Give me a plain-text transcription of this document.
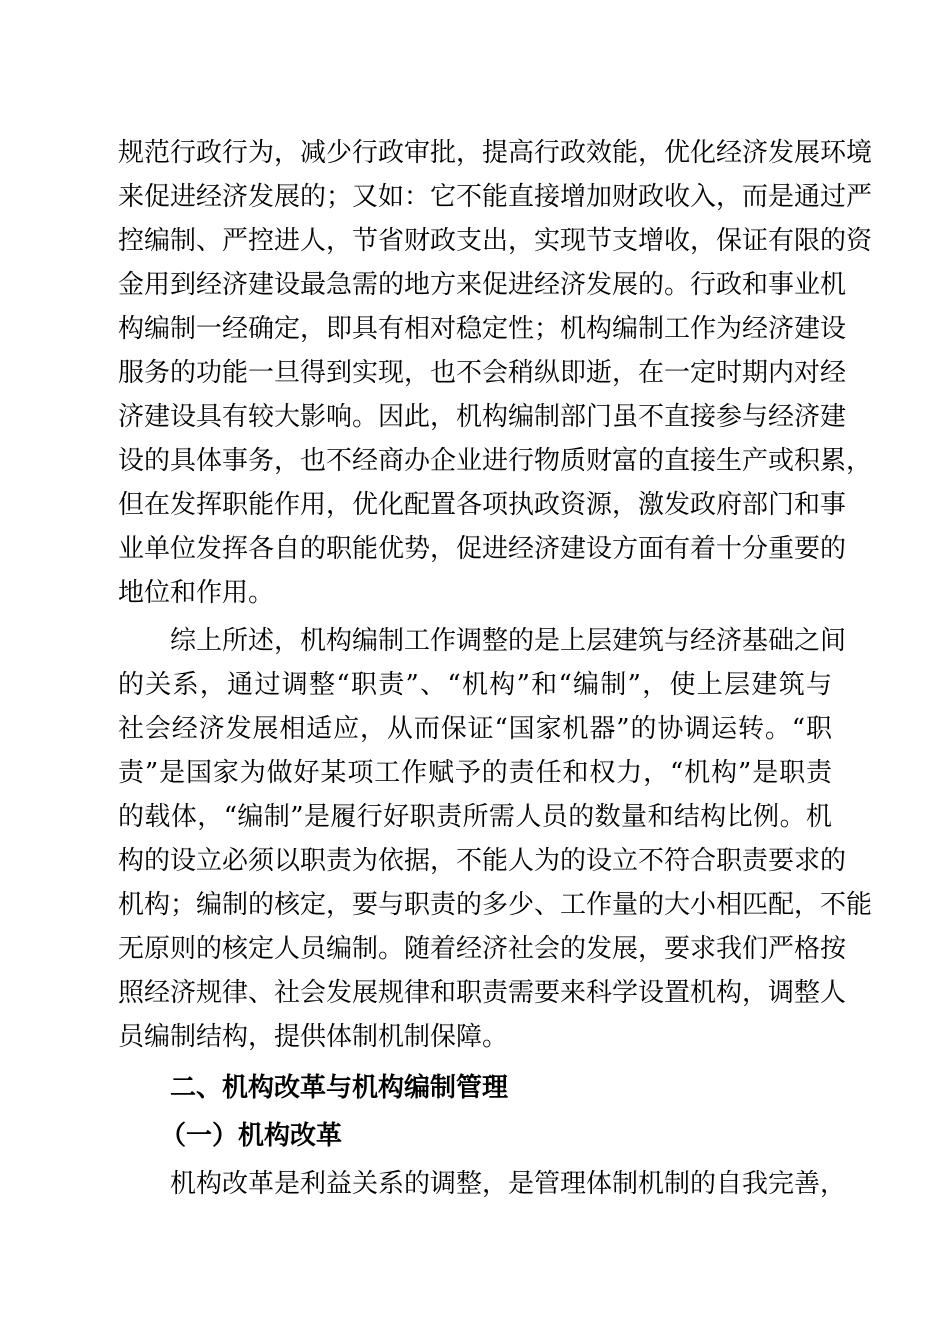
规范行政行为，减少行政审批，提高行政效能，优化经济发展环境
来促进经济发展的；又如：它不能直接增加财政收入，而是通过严
控编制、严控进人，节省财政支出，实现节支增收，保证有限的资
金用到经济建设最急需的地方来促进经济发展的。行政和事业机
构编制一经确定，即具有相对稳定性；机构编制工作为经济建设
服务的功能一旦得到实现，也不会稍纵即逝，在一定时期内对经
济建设具有较大影响。因此，机构编制部门虽不直接参与经济建
设的具体事务，也不经商办企业进行物质财富的直接生产或积累，
但在发挥职能作用，优化配置各项执政资源，激发政府部门和事
业单位发挥各自的职能优势，促进经济建设方面有着十分重要的
地位和作用。
综上所述，机构编制工作调整的是上层建筑与经济基础之间
的关系，通过调整“职责”、“机构”和“编制”，使上层建筑与
社会经济发展相适应，从而保证“国家机器”的协调运转。“职
责”是国家为做好某项工作赋予的责任和权力，“机构”是职责
的载体，“编制”是履行好职责所需人员的数量和结构比例。机
构的设立必须以职责为依据，不能人为的设立不符合职责要求的
机构；编制的核定，要与职责的多少、工作量的大小相匹配，不能
无原则的核定人员编制。随着经济社会的发展，要求我们严格按
照经济规律、社会发展规律和职责需要来科学设置机构，调整人
员编制结构，提供体制机制保障。
二、机构改革与机构编制管理
（一）机构改革
机构改革是利益关系的调整，是管理体制机制的自我完善，
